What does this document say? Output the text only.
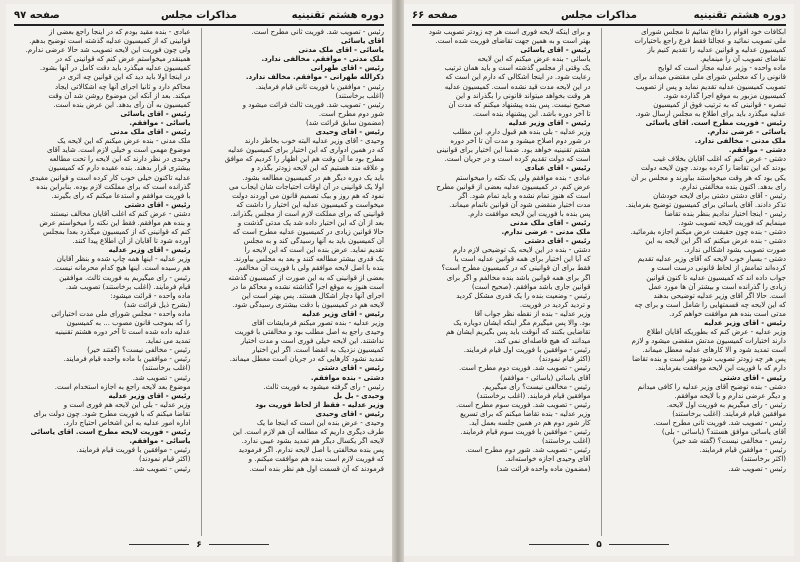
دوره هشتم تقنینیه
مذاکرات مجلس
صفحه ۹۷
رئیس - تصویب شد. فوریت ثانی مطرح است.
آقای یاسائی
یاسائی - آقای ملک مدنی
ملک مدنی - موافقم. مخالفی ندارد.
رئیس - آقای طهرانی
ذکرالله طهرانی - موافقم. مخالف ندارد.
رئیس - موافقین با فوریت ثانی قیام فرمایند.
(اغلب برخاستند)
رئیس - تصویب شد. فوریت ثالث قرائت میشود و
شور دوم مطرح است.
(مضمون سابق قرائت شد)
رئیس - آقای وحیدی
وحیدی - آقای وزیر عدلیه البته خوب بخاطر دارند
که در همین ادواری که این اختیار برای کمیسیون عدلیه
مطرح بود ما آن وقت هم این اظهار را کردیم که موافق
و علاقه مند هستیم که این لایحه زودتر بگذرد و
باید یک دوره دیگر هم در کمیسیون مطالعه بشود.
اولا یک قوانینی در آن اوقات احتیاجات شان ایجاب می
نمود که هم روز و بیک تصمیم قانون می آوردند دولت
میخواست و کمیسیون عدلیه این اختیار را داشت که
قوانینی که برای مملکت لازم است از مجلس بگذراند.
بعد از آن که این اختیار داده شد یک مدتی گذشت و
حالا قوانین زیادی در کمیسیون عدلیه مطرح است که
آن کمیسیون باید به آنها رسیدگی کند و به مجلس
تقدیم نماید. عرض بنده این است که این لایحه را
یک قدری بیشتر مطالعه کنند و بعد به مجلس بیاورند.
بنده با اصل لایحه موافقم ولی با فوریت آن مخالفم.
بعضی از قوانینی که به این صورت از کمیسیون گذشته
است هنوز به موقع اجرا گذاشته نشده و محاکم ما در
اجرای آنها دچار اشکال هستند. پس بهتر است این
لایحه هم در کمیسیون با دقت بیشتری رسیدگی شود.
رئیس - آقای وزیر عدلیه
وزیر عدلیه - بنده تصور میکنم فرمایشات آقای
وحیدی راجع به اصل مطلب بود و مخالفتی با فوریت
نداشتند. این لایحه خیلی فوری است و مدت اختیار
کمیسیون نزدیک به انقضا است. اگر این اختیار
تمدید نشود کارهایی که در جریان است معطل میماند.
رئیس - آقای دشتی
دشتی - بنده موافقم.
رئیس - رأی گرفته میشود به فوریت ثالث.
وحیدی - بل بل
وزیر عدلیه - فقط از لحاظ فوریت بود
رئیس - آقای وحیدی
وحیدی - عرض بنده این است که اینجا ما یک
طرف دیگری داریم که مطالعه آن هم لازم است. این
لایحه اگر یکسال دیگر هم تمدید بشود عیبی ندارد.
پس بنده مخالفتی با اصل لایحه ندارم. اگر فرمودید
که فوریت لازم است بنده هم موافقت میکنم. و
فرمودند که آن قسمت اول هم نظر بنده است.
عبادی - بنده مقید بودم که در اینجا راجع بعضی از
قوانینی که از کمیسیون عدلیه گذشته است توضیح بدهم.
ولی چون فوریت این لایحه تصویب شد حالا عرضی ندارم.
همینقدر میخواستم عرض کنم که قوانینی که در
کمیسیون عدلیه میگذرد باید دقت کامل در آنها بشود.
در اینجا اولا باید دید که این قوانین چه اثری در
محاکم دارد و ثانیا اجرای آنها چه اشکالاتی ایجاد
میکند. بعد از آنکه این موضوع روشن شد آن وقت
کمیسیون به آن رأی بدهد. این عرض بنده است.
رئیس - آقای یاسائی
یاسائی - موافقم.
رئیس - آقای ملک مدنی
ملک مدنی - بنده عرض میکنم که این لایحه یک
موضوع مهمی است و خیلی لازم است. شاید آقای
وحیدی در نظر دارند که این لایحه را تحت مطالعه
بیشتری قرار بدهند. بنده عقیده دارم که کمیسیون
عدلیه تاکنون خیلی خوب کار کرده است و قوانین مفیدی
گذرانده است که برای مملکت لازم بوده. بنابراین بنده
با فوریت موافقم و استدعا میکنم که رأی بگیرند.
رئیس - آقای دشتی
دشتی - عرض کنم که اغلب آقایان مخالف نیستند
و بنده هم موافقم. فقط این نکته را میخواستم عرض
کنم که قوانینی که از کمیسیون میگذرد بعدا بمجلس
آورده شود تا آقایان از آن اطلاع پیدا کنند.
رئیس - آقای وزیر عدلیه
وزیر عدلیه - اینها همه چاپ شده و بنظر آقایان
هم رسیده است. اینها هیچ کدام محرمانه نیست.
رئیس - رأی میگیریم به فوریت ثالث. موافقین
قیام فرمایند. (اغلب برخاستند) تصویب شد.
ماده واحده - قرائت میشود:
(بشرح ذیل قرائت شد)
ماده واحده - مجلس شورای ملی مدت اختیاراتی
را که بموجب قانون مصوب ... به کمیسیون
عدلیه داده شده است تا آخر دوره هشتم تقنینیه
تمدید می نماید.
رئیس - مخالفی نیست؟ (گفتند خیر)
رئیس - موافقین با ماده واحده قیام فرمایند.
(اغلب برخاستند)
رئیس - تصویب شد.
موضوع بعد لایحه راجع به اجازه استخدام است.
رئیس - آقای وزیر عدلیه
وزیر عدلیه - بلی این لایحه هم فوری است و
تقاضا میکنم که با فوریت مطرح شود. چون دولت برای
اداره امور عدلیه به این اشخاص احتیاج دارد.
رئیس - فوریت لایحه مطرح است. آقای یاسائی
یاسائی - موافقم.
رئیس - موافقین با فوریت قیام فرمایند.
(اکثر قیام نمودند)
رئیس - تصویب شد.
۶
دوره هشتم تقنینیه
مذاکرات مجلس
صفحه ۶۶
ابکافات خود اقوام را دفاع نمائیم تا مجلس شورای
ملی تصویب نمائید و عجالتا فقط فرع راجع باختیارات
کمیسیون عدلیه و قوانین عدلیه را تقدیم کنیم باز
تقاضای تصویب آن را مینمایم.
ماده واحده - وزیر عدلیه مجاز است که لوایح
قانونی را که مجلس شورای ملی مقتضی میداند برای
تصویب کمیسیون عدلیه تقدیم نماید و پس از تصویب
کمیسیون مزبور به موقع اجرا گذارده شود.
تبصره - قوانینی که به ترتیب فوق از کمیسیون
عدلیه میگذرد باید برای اطلاع به مجلس ارسال شود.
رئیس - فوریت مطرح است. آقای یاسائی
یاسائی - عرضی ندارم.
ملک مدنی - مخالفی ندارد.
دشتی - موافقم.
دشتی - عرض کنم که اغلب آقایان بخلاف غیب
بودند که این تقاضا را کرده بودند. چون لایحه دولت
یکی بود که هر وقت میخواستند بیاورند و مجلس بر آن
رأی بدهد. اکنون بنده مخالفتی ندارم.
رئیس - آقای دشتی دشتی برای لایحه خودشان
تذکر دادند. آقای یاسائی برای کمیسیون توضیح بفرمایند.
رئیس - اینجا اختیار ندادیم بنظر بنده تقاضا
مینمایم که فوریت لایحه تصویب شود.
دشتی - بنده چون حقیقت عرض میکنم اجازه بفرمائید.
دشتی - بنده عرض میکنم که اگر این لایحه به این
صورت تصویب بشود اشکالی ندارد.
دشتی - بسیار خوب لایحه که آقای وزیر عدلیه تقدیم
کرده‌اند تمامش از لحاظ قانونی درست است و
جواب داده اند که کمیسیون عدلیه تا کنون قوانین
زیادی را گذرانده است و بیشتر آن ها مورد عمل
است. حالا اگر آقای وزیر عدلیه توضیحی بدهند
که این لایحه چه قسمتهایی را شامل است و برای چه
مدتی است بنده هم موافقت خواهم کرد.
رئیس - آقای وزیر عدلیه
وزیر عدلیه - عرض کنم که بطوریکه آقایان اطلاع
دارند اختیارات کمیسیون مدتش منقضی میشود و لازم
است تمدید شود و الا کارهای عدلیه معطل میماند.
پس هر چه زودتر تصویب شود بهتر است و بنده تقاضا
دارم که با فوریت این لایحه موافقت بفرمایند.
رئیس - آقای دشتی
دشتی - بنده توضیح آقای وزیر عدلیه را کافی میدانم
و دیگر عرضی ندارم و با لایحه موافقم.
رئیس - رأی میگیریم به فوریت اول لایحه.
موافقین قیام فرمایند. (اغلب برخاستند)
رئیس - تصویب شد. فوریت ثانی مطرح است.
آقای یاسائی موافق هستند؟ (یاسائی - بلی)
رئیس - مخالفی نیست؟ (گفته شد خیر)
رئیس - موافقین قیام فرمایند.
(اکثر برخاستند)
رئیس - تصویب شد.
و برای اینکه لایحه فوری است هر چه زودتر تصویب شود
بهتر است و به همین جهت تقاضای فوریت شده است.
رئیس - آقای یاسائی
یاسائی - بنده عرض میکنم که این لایحه
یک وقتی از مجلس گذشته است و باید همان ترتیب
رعایت شود. در اینجا اشکالی که دارم این است که
در این لایحه مدت قید نشده است. کمیسیون عدلیه
هر وقت بخواهد میتواند قانونی را بگذراند و این
صحیح نیست. پس بنده پیشنهاد میکنم که مدت آن
تا آخر دوره باشد. این پیشنهاد بنده است.
رئیس - آقای وزیر عدلیه
وزیر عدلیه - بلی بنده هم قبول دارم. این مطلب
در شور دوم اصلاح میشود و مدت آن تا آخر دوره
هشتم تقنینیه خواهد بود. ضمنا این اختیار برای قوانینی
است که دولت تقدیم کرده است و در جریان است.
رئیس - آقای عبادی
عبادی - بنده موافقم ولی یک نکته را میخواستم
عرض کنم. در کمیسیون عدلیه بعضی از قوانین مطرح
است که هنوز تمام نشده و باید تمام شود. اگر
مدت اختیار منقضی شود آن قوانین ناتمام میماند.
پس بنده با فوریت این لایحه موافقت دارم.
رئیس - آقای ملک مدنی
ملک مدنی - عرضی ندارم.
رئیس - آقای دشتی
دشتی - بنده در این لایحه یک توضیحی لازم دارم
که آیا این اختیار برای همه قوانین عدلیه است یا
فقط برای آن قوانینی که در کمیسیون مطرح است؟
اگر برای همه قوانین باشد بنده مخالفم و اگر برای
قوانین جاری باشد موافقم. (صحیح است)
رئیس - وضعیت بنده را یک قدری مشکل کردید
و تردید کردید در فوریت.
وزیر عدلیه - بنده از نقطه نظر جواب آقا
بود. والا پس میگیرم مگر اینکه ایشان دوباره یک
تقاضایی بکنند که آنوقت باید پس بگیریم ایشان هم
میدانند که هیچ فاصله‌ای نمی کند.
رئیس - موافقین با فوریت اول قیام فرمایند.
(اکثر قیام نمودند)
رئیس - تصویب شد. فوریت دوم مطرح است.
آقای یاسائی (یاسائی - موافقم)
رئیس - مخالفی نیست؟ رأی میگیریم.
موافقین قیام فرمایند. (اغلب برخاستند)
رئیس - تصویب شد. فوریت سوم مطرح است.
وزیر عدلیه - بنده تقاضا میکنم که برای تسریع
کار شور دوم هم در همین جلسه بعمل آید.
رئیس - موافقین با فوریت سوم قیام فرمایند.
(اغلب برخاستند)
رئیس - تصویب شد. شور دوم مطرح است.
آقای وحیدی اجازه خواسته‌اند.
(مضمون ماده واحده قرائت شد)
۵
